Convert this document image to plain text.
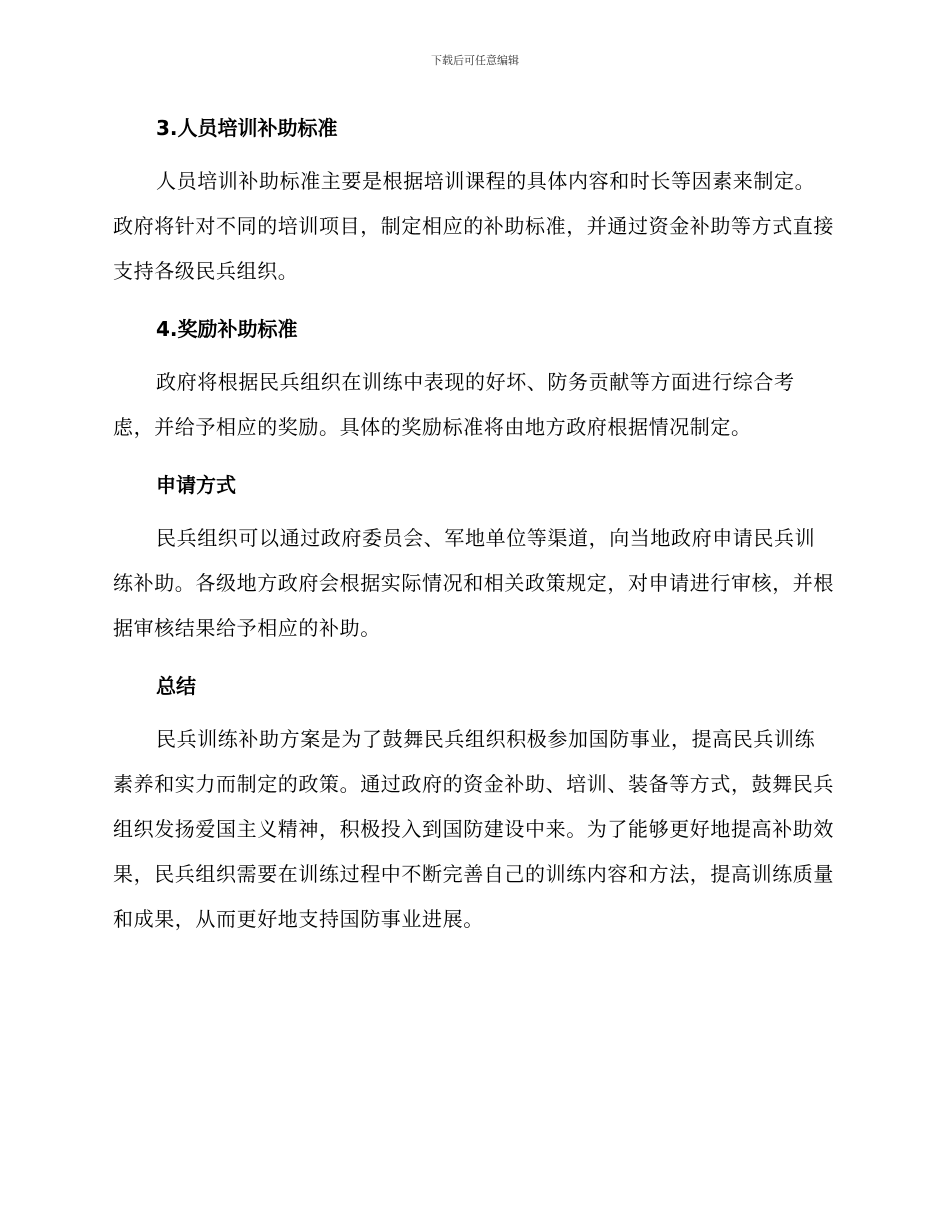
下载后可任意编辑
3.人员培训补助标准

人员培训补助标准主要是根据培训课程的具体内容和时长等因素来制定。政府将针对不同的培训项目，制定相应的补助标准，并通过资金补助等方式直接支持各级民兵组织。

4.奖励补助标准

政府将根据民兵组织在训练中表现的好坏、防务贡献等方面进行综合考虑，并给予相应的奖励。具体的奖励标准将由地方政府根据情况制定。

申请方式

民兵组织可以通过政府委员会、军地单位等渠道，向当地政府申请民兵训练补助。各级地方政府会根据实际情况和相关政策规定，对申请进行审核，并根据审核结果给予相应的补助。

总结

民兵训练补助方案是为了鼓舞民兵组织积极参加国防事业，提高民兵训练素养和实力而制定的政策。通过政府的资金补助、培训、装备等方式，鼓舞民兵组织发扬爱国主义精神，积极投入到国防建设中来。为了能够更好地提高补助效果，民兵组织需要在训练过程中不断完善自己的训练内容和方法，提高训练质量和成果，从而更好地支持国防事业进展。
